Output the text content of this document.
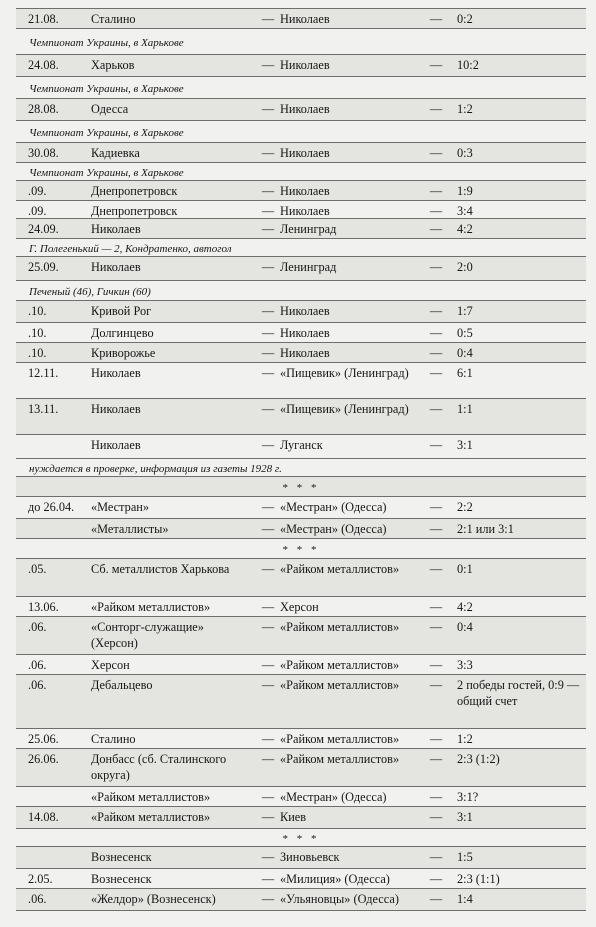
21.08.	Сталино	— Николаев	—	0:2
Чемпионат Украины, в Харькове
24.08.	Харьков	— Николаев	—	10:2
Чемпионат Украины, в Харькове
28.08.	Одесса	— Николаев	—	1:2
Чемпионат Украины, в Харькове
30.08.	Кадиевка	— Николаев	—	0:3
Чемпионат Украины, в Харькове
.09.	Днепропетровск	— Николаев	—	1:9
.09.	Днепропетровск	— Николаев	—	3:4
24.09.	Николаев	— Ленинград	—	4:2
Г. Полегенький — 2, Кондратенко, автогол
25.09.	Николаев	— Ленинград	—	2:0
Печеный (46), Гичкин (60)
.10.	Кривой Рог	— Николаев	—	1:7
.10.	Долгинцево	— Николаев	—	0:5
.10.	Криворожье	— Николаев	—	0:4
12.11.	Николаев	— «Пищевик» (Ленинград)	—	6:1
13.11.	Николаев	— «Пищевик» (Ленинград)	—	1:1
Николаев	— Луганск	—	3:1
нуждается в проверке, информация из газеты 1928 г.
* * *
до 26.04.	«Местран»	— «Местран» (Одесса)	—	2:2
«Металлисты»	— «Местран» (Одесса)	—	2:1 или 3:1
* * *
.05.	Сб. металлистов Харькова	— «Райком металлистов»	—	0:1
13.06.	«Райком металлистов»	— Херсон	—	4:2
.06.	«Сонторг-служащие» (Херсон)
— «Райком металлистов»	—	0:4
.06.	Херсон	— «Райком металлистов»	—	3:3
.06.	Дебальцево	— «Райком металлистов»	—	2 победы гостей, 0:9 — общий счет
25.06.	Сталино	— «Райком металлистов»	—	1:2
26.06.	Донбасс (сб. Сталинского округа)
— «Райком металлистов»	—	2:3 (1:2)
«Райком металлистов»	— «Местран» (Одесса)	—	3:1?
14.08.	«Райком металлистов»	— Киев	—	3:1
* * *
Вознесенск	— Зиновьевск	—	1:5
2.05.	Вознесенск	— «Милиция» (Одесса)	—	2:3 (1:1)
.06.	«Желдор» (Вознесенск)	— «Ульяновцы» (Одесса)	—	1:4
